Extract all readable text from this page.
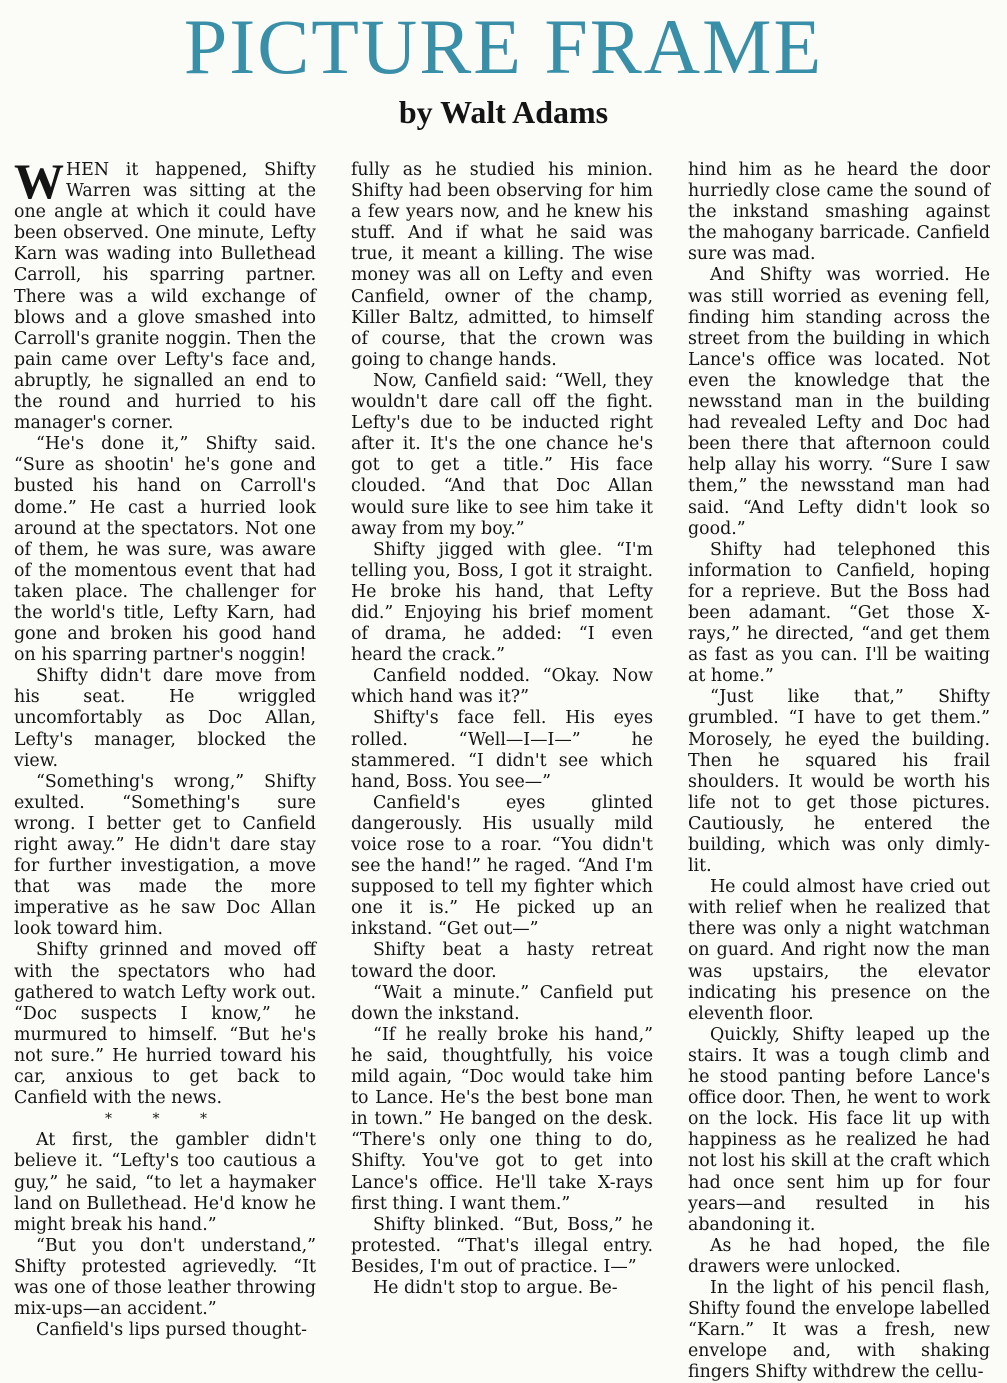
PICTURE FRAME
by Walt Adams

WHEN it happened, Shifty Warren was sitting at the one angle at which it could have been observed. One minute, Lefty Karn was wading into Bullethead Carroll, his sparring partner. There was a wild exchange of blows and a glove smashed into Carroll's granite noggin. Then the pain came over Lefty's face and, abruptly, he signalled an end to the round and hurried to his manager's corner.

“He's done it,” Shifty said. “Sure as shootin' he's gone and busted his hand on Carroll's dome.” He cast a hurried look around at the spectators. Not one of them, he was sure, was aware of the momentous event that had taken place. The challenger for the world's title, Lefty Karn, had gone and broken his good hand on his sparring partner's noggin!

Shifty didn't dare move from his seat. He wriggled uncomfortably as Doc Allan, Lefty's manager, blocked the view.

“Something's wrong,” Shifty exulted. “Something's sure wrong. I better get to Canfield right away.” He didn't dare stay for further investigation, a move that was made the more imperative as he saw Doc Allan look toward him.

Shifty grinned and moved off with the spectators who had gathered to watch Lefty work out. “Doc suspects I know,” he murmured to himself. “But he's not sure.” He hurried toward his car, anxious to get back to Canfield with the news.

* * *

At first, the gambler didn't believe it. “Lefty's too cautious a guy,” he said, “to let a haymaker land on Bullethead. He'd know he might break his hand.”

“But you don't understand,” Shifty protested agrievedly. “It was one of those leather throwing mix-ups—an accident.”

Canfield's lips pursed thought-

fully as he studied his minion. Shifty had been observing for him a few years now, and he knew his stuff. And if what he said was true, it meant a killing. The wise money was all on Lefty and even Canfield, owner of the champ, Killer Baltz, admitted, to himself of course, that the crown was going to change hands.

Now, Canfield said: “Well, they wouldn't dare call off the fight. Lefty's due to be inducted right after it. It's the one chance he's got to get a title.” His face clouded. “And that Doc Allan would sure like to see him take it away from my boy.”

Shifty jigged with glee. “I'm telling you, Boss, I got it straight. He broke his hand, that Lefty did.” Enjoying his brief moment of drama, he added: “I even heard the crack.”

Canfield nodded. “Okay. Now which hand was it?”

Shifty's face fell. His eyes rolled. “Well—I—I—” he stammered. “I didn't see which hand, Boss. You see—”

Canfield's eyes glinted dangerously. His usually mild voice rose to a roar. “You didn't see the hand!” he raged. “And I'm supposed to tell my fighter which one it is.” He picked up an inkstand. “Get out—”

Shifty beat a hasty retreat toward the door.

“Wait a minute.” Canfield put down the inkstand.

“If he really broke his hand,” he said, thoughtfully, his voice mild again, “Doc would take him to Lance. He's the best bone man in town.” He banged on the desk. “There's only one thing to do, Shifty. You've got to get into Lance's office. He'll take X-rays first thing. I want them.”

Shifty blinked. “But, Boss,” he protested. “That's illegal entry. Besides, I'm out of practice. I—”

He didn't stop to argue. Be-

hind him as he heard the door hurriedly close came the sound of the inkstand smashing against the mahogany barricade. Canfield sure was mad.

And Shifty was worried. He was still worried as evening fell, finding him standing across the street from the building in which Lance's office was located. Not even the knowledge that the newsstand man in the building had revealed Lefty and Doc had been there that afternoon could help allay his worry. “Sure I saw them,” the newsstand man had said. “And Lefty didn't look so good.”

Shifty had telephoned this information to Canfield, hoping for a reprieve. But the Boss had been adamant. “Get those X-rays,” he directed, “and get them as fast as you can. I'll be waiting at home.”

“Just like that,” Shifty grumbled. “I have to get them.” Morosely, he eyed the building. Then he squared his frail shoulders. It would be worth his life not to get those pictures. Cautiously, he entered the building, which was only dimly-lit.

He could almost have cried out with relief when he realized that there was only a night watchman on guard. And right now the man was upstairs, the elevator indicating his presence on the eleventh floor.

Quickly, Shifty leaped up the stairs. It was a tough climb and he stood panting before Lance's office door. Then, he went to work on the lock. His face lit up with happiness as he realized he had not lost his skill at the craft which had once sent him up for four years—and resulted in his abandoning it.

As he had hoped, the file drawers were unlocked.

In the light of his pencil flash, Shifty found the envelope labelled “Karn.” It was a fresh, new envelope and, with shaking fingers Shifty withdrew the cellu-
